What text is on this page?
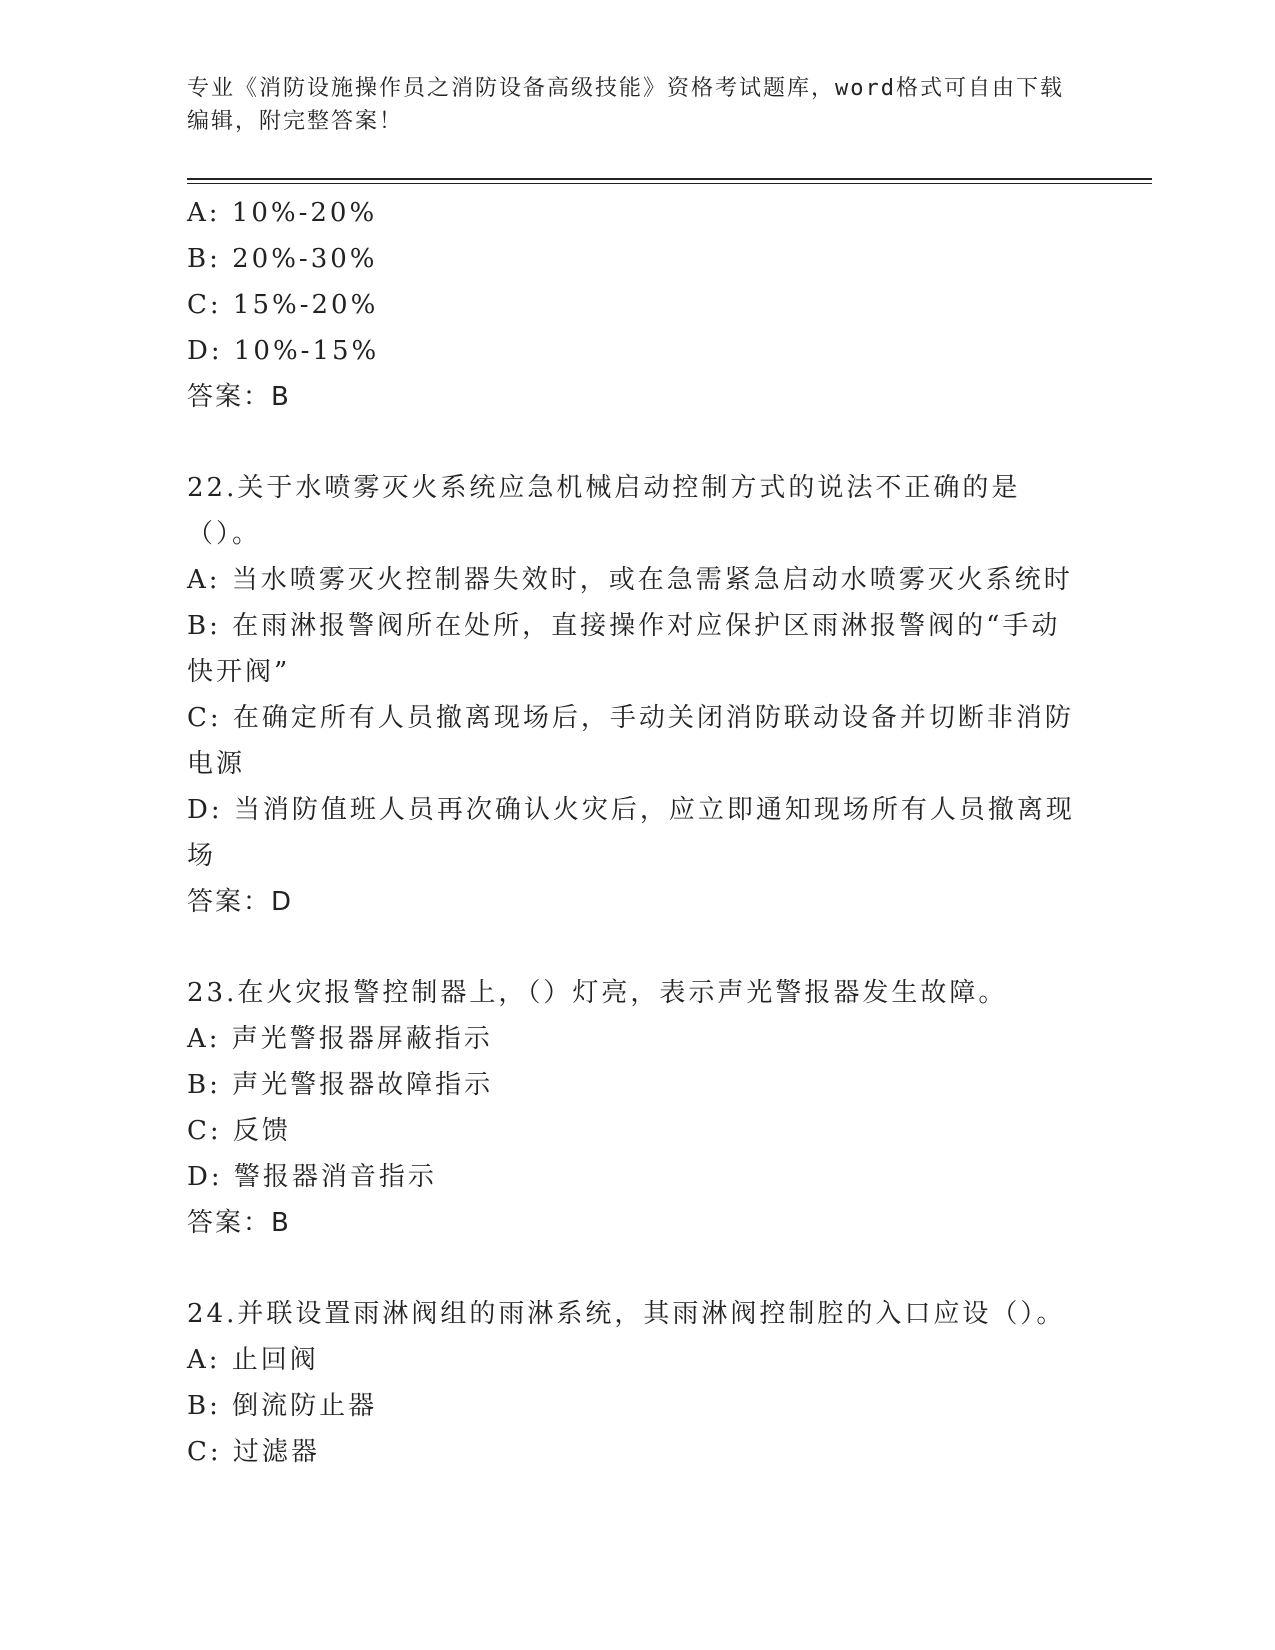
专业《消防设施操作员之消防设备高级技能》资格考试题库，word格式可自由下载编辑，附完整答案！

A: 10%-20%

B: 20%-30%

C: 15%-20%

D: 10%-15%

答案：B

22.关于水喷雾灭火系统应急机械启动控制方式的说法不正确的是（）。

A: 当水喷雾灭火控制器失效时，或在急需紧急启动水喷雾灭火系统时

B: 在雨淋报警阀所在处所，直接操作对应保护区雨淋报警阀的“手动快开阀”

C: 在确定所有人员撤离现场后，手动关闭消防联动设备并切断非消防电源

D: 当消防值班人员再次确认火灾后，应立即通知现场所有人员撤离现场

答案：D

23.在火灾报警控制器上，（）灯亮，表示声光警报器发生故障。

A: 声光警报器屏蔽指示

B: 声光警报器故障指示

C: 反馈

D: 警报器消音指示

答案：B

24.并联设置雨淋阀组的雨淋系统，其雨淋阀控制腔的入口应设（）。

A: 止回阀

B: 倒流防止器

C: 过滤器
